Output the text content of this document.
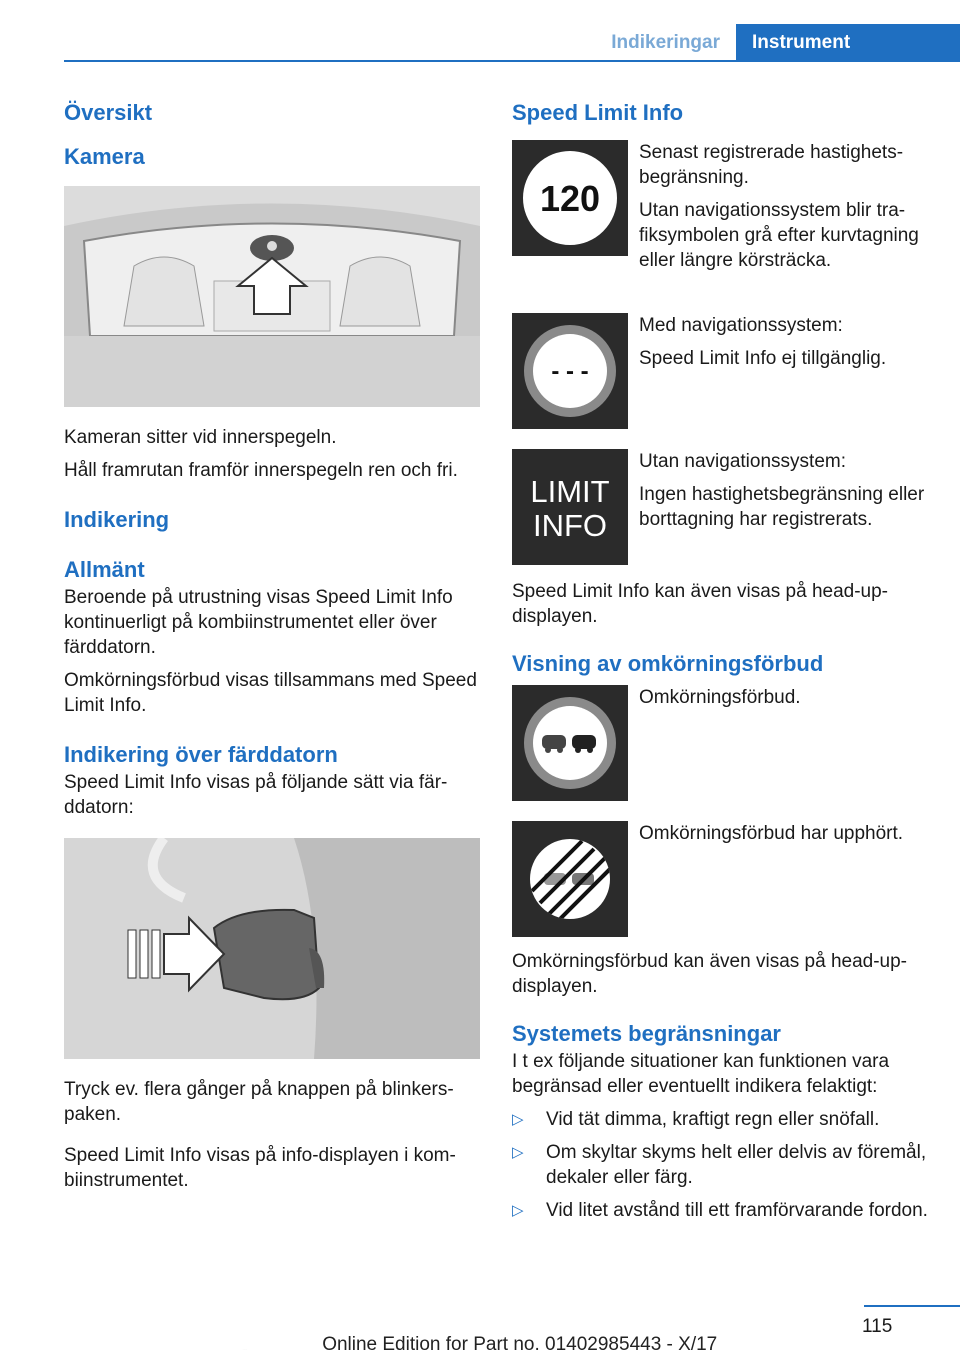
Indikeringar	Instrument
Översikt
Kamera

Kameran sitter vid innerspegeln.

Håll framrutan framför innerspegeln ren och fri.

Indikering
Allmänt

Beroende på utrustning visas Speed Limit Info kontinuerligt på kombiinstrumentet eller över färddatorn.

Omkörningsförbud visas tillsammans med Speed Limit Info.

Indikering över färddatorn

Speed Limit Info visas på följande sätt via färddatorn:

Tryck ev. flera gånger på knappen på blinkerspaken.

Speed Limit Info visas på info-displayen i kombiinstrumentet.

Speed Limit Info
120

Senast registrerade hastighetsbegränsning.

Utan navigationssystem blir trafiksymbolen grå efter kurvtagning eller längre körsträcka.

- - -

Med navigationssystem:

Speed Limit Info ej tillgänglig.

LIMIT
INFO

Utan navigationssystem:

Ingen hastighetsbegränsning eller borttagning har registrerats.

Speed Limit Info kan även visas på head-up-displayen.

Visning av omkörningsförbud

Omkörningsförbud.

Omkörningsförbud har upphört.

Omkörningsförbud kan även visas på head-up-displayen.

Systemets begränsningar

I t ex följande situationer kan funktionen vara begränsad eller eventuellt indikera felaktigt:

▷	Vid tät dimma, kraftigt regn eller snöfall.
▷	Om skyltar skyms helt eller delvis av föremål, dekaler eller färg.
▷	Vid litet avstånd till ett framförvarande fordon.
115
Seite 115	Online Edition for Part no. 01402985443 - X/17
